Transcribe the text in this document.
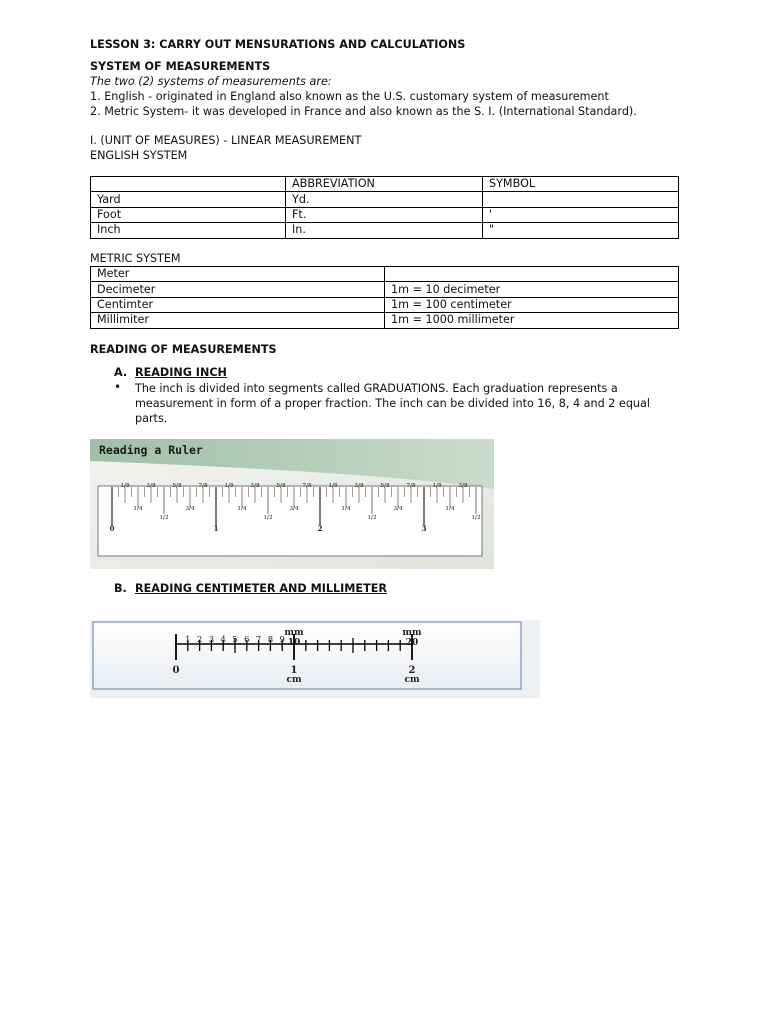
LESSON 3: CARRY OUT MENSURATIONS AND CALCULATIONS
SYSTEM OF MEASUREMENTS
The two (2) systems of measurements are:
1. English - originated in England also known as the U.S. customary system of measurement
2. Metric System- it was developed in France and also known as the S. I. (International Standard).
I. (UNIT OF MEASURES) - LINEAR MEASUREMENT
ENGLISH SYSTEM
	ABBREVIATION	SYMBOL
Yard	Yd.	
Foot	Ft.	'
Inch	In.	"
METRIC SYSTEM
Meter	
Decimeter	1m = 10 decimeter
Centimter	1m = 100 centimeter
Millimiter	1m = 1000 millimeter
READING OF MEASUREMENTS
A. READING INCH
• The inch is divided into segments called GRADUATIONS. Each graduation represents a measurement in form of a proper fraction. The inch can be divided into 16, 8, 4 and 2 equal parts.
Reading a Ruler
1/8	3/8	5/8	7/8	1/8	3/8	5/8	7/8	1/8	3/8	5/8	7/8	1/8	3/8
1/4	3/4	1/4	3/4	1/4	3/4	1/4
1/2	1/2	1/2	1/2
0	1	2	3
B. READING CENTIMETER AND MILLIMETER
1 2 3 4 5 6 7 8 9 10	20
mm	mm
0	1	2
cm	cm
